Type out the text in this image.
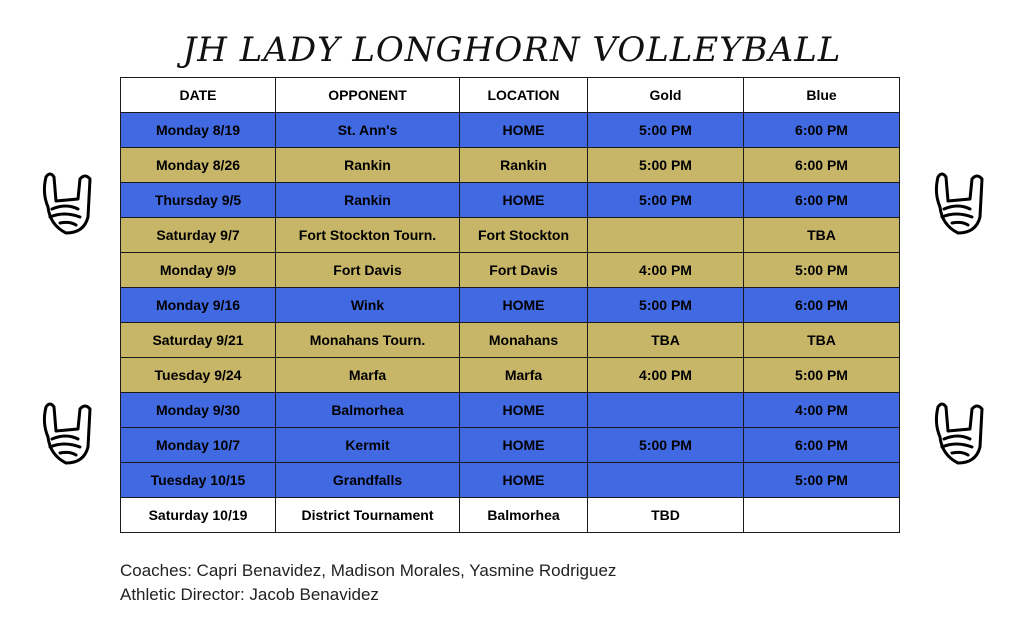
JH LADY LONGHORN VOLLEYBALL
DATE	OPPONENT	LOCATION	Gold	Blue
Monday 8/19	St. Ann's	HOME	5:00 PM	6:00 PM
Monday 8/26	Rankin	Rankin	5:00 PM	6:00 PM
Thursday 9/5	Rankin	HOME	5:00 PM	6:00 PM
Saturday 9/7	Fort Stockton Tourn.	Fort Stockton		TBA
Monday 9/9	Fort Davis	Fort Davis	4:00 PM	5:00 PM
Monday 9/16	Wink	HOME	5:00 PM	6:00 PM
Saturday 9/21	Monahans Tourn.	Monahans	TBA	TBA
Tuesday 9/24	Marfa	Marfa	4:00 PM	5:00 PM
Monday 9/30	Balmorhea	HOME		4:00 PM
Monday 10/7	Kermit	HOME	5:00 PM	6:00 PM
Tuesday 10/15	Grandfalls	HOME		5:00 PM
Saturday 10/19	District Tournament	Balmorhea	TBD	
Coaches: Capri Benavidez, Madison Morales, Yasmine Rodriguez
Athletic Director: Jacob Benavidez
